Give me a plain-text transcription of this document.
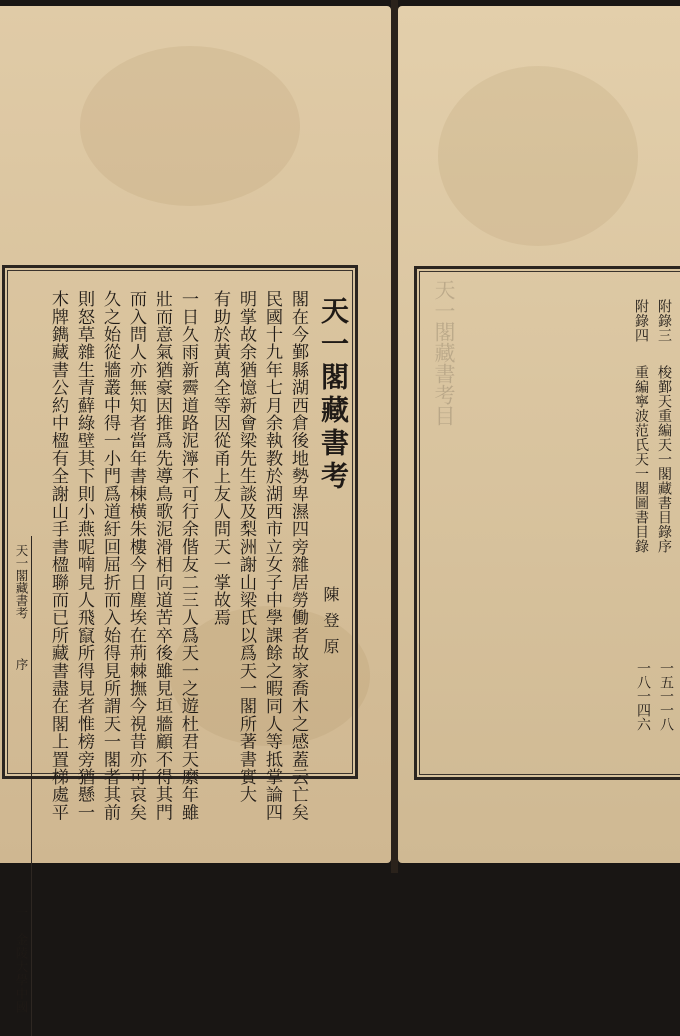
天一閣藏書考
序
一　金陵大學中國
天一閣藏書考
陳登原
閣在今鄞縣湖西倉後地勢卑濕四旁雜居勞働者故家喬木之感蓋云亡矣
民國十九年七月余執教於湖西市立女子中學課餘之暇同人等抵掌論四
明掌故余猶憶新會梁先生談及梨洲謝山梁氏以爲天一閣所著書實大
有助於黃萬全等因從甬上友人問天一掌故焉
一日久雨新霽道路泥濘不可行余偕友二三人爲天一之遊杜君天縻年雖
壯而意氣猶豪因推爲先導鳥歌泥滑相向道苦卒後雖見垣牆顧不得其門
而入問人亦無知者當年書棟橫朱樓今日塵埃在荊棘撫今視昔亦可哀矣
久之始從牆叢中得一小門爲道紆回屈折而入始得見所謂天一閣者其前
則怒草雜生青蘚綠壁其下則小燕呢喃見人飛竄所得見者惟榜旁猶懸一
木牌鐫藏書公約中楹有全謝山手書楹聯而已所藏書盡在閣上置梯處平	天一閣藏書考目	附錄三
梭鄞天重編天一閣藏書目錄序
一五一一八
附錄四
重編寧波范氏天一閣圖書目錄
一八一四六
